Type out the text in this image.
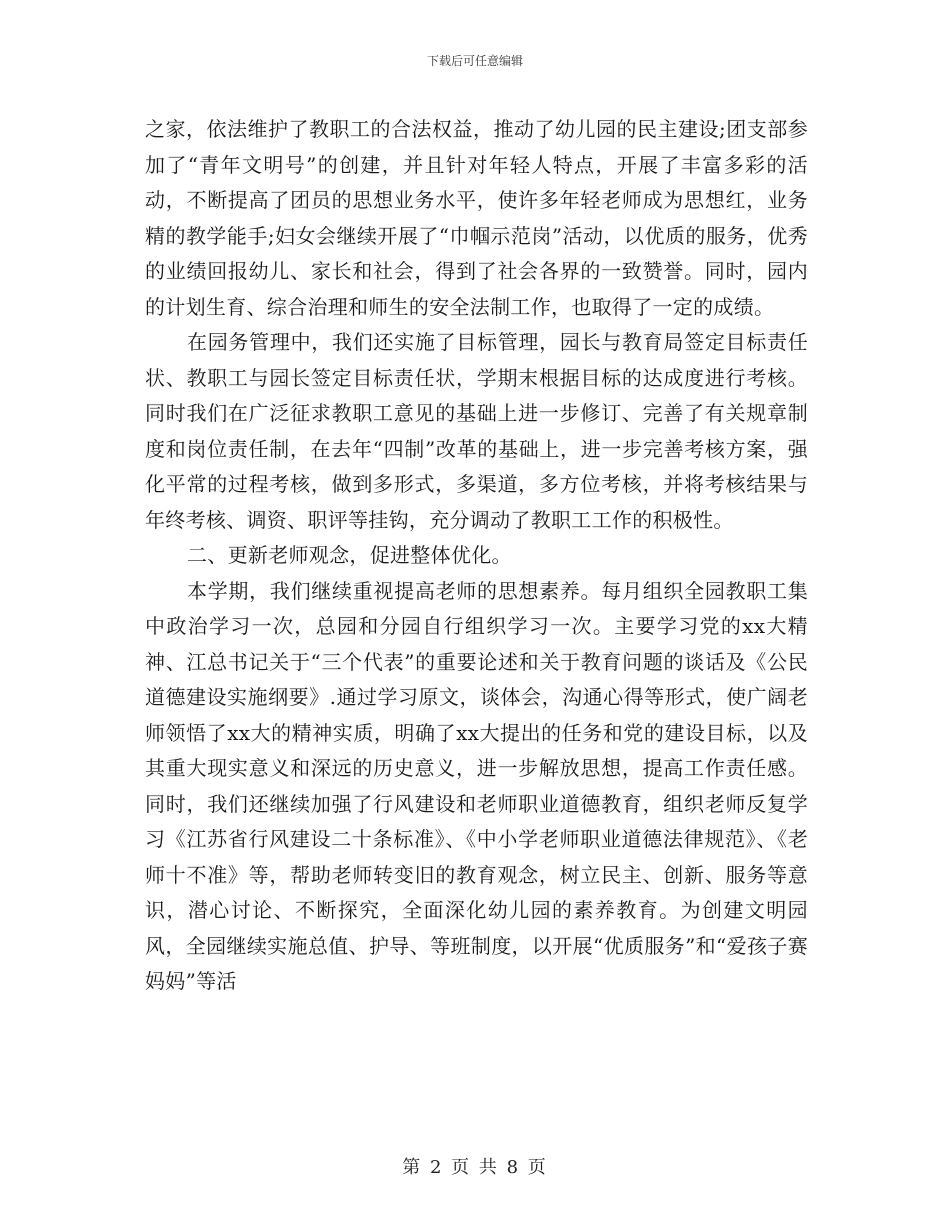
下载后可任意编辑

之家，依法维护了教职工的合法权益，推动了幼儿园的民主建设;团支部参加了“青年文明号”的创建，并且针对年轻人特点，开展了丰富多彩的活动，不断提高了团员的思想业务水平，使许多年轻老师成为思想红，业务精的教学能手;妇女会继续开展了“巾帼示范岗”活动，以优质的服务，优秀的业绩回报幼儿、家长和社会，得到了社会各界的一致赞誉。同时，园内的计划生育、综合治理和师生的安全法制工作，也取得了一定的成绩。

在园务管理中，我们还实施了目标管理，园长与教育局签定目标责任状、教职工与园长签定目标责任状，学期末根据目标的达成度进行考核。同时我们在广泛征求教职工意见的基础上进一步修订、完善了有关规章制度和岗位责任制，在去年“四制”改革的基础上，进一步完善考核方案，强化平常的过程考核，做到多形式，多渠道，多方位考核，并将考核结果与年终考核、调资、职评等挂钩，充分调动了教职工工作的积极性。

二、更新老师观念，促进整体优化。

本学期，我们继续重视提高老师的思想素养。每月组织全园教职工集中政治学习一次，总园和分园自行组织学习一次。主要学习党的xx大精神、江总书记关于“三个代表”的重要论述和关于教育问题的谈话及《公民道德建设实施纲要》.通过学习原文，谈体会，沟通心得等形式，使广阔老师领悟了xx大的精神实质，明确了xx大提出的任务和党的建设目标，以及其重大现实意义和深远的历史意义，进一步解放思想，提高工作责任感。同时，我们还继续加强了行风建设和老师职业道德教育，组织老师反复学习《江苏省行风建设二十条标准》、《中小学老师职业道德法律规范》、《老师十不准》等，帮助老师转变旧的教育观念，树立民主、创新、服务等意识，潜心讨论、不断探究，全面深化幼儿园的素养教育。为创建文明园风，全园继续实施总值、护导、等班制度，以开展“优质服务”和“爱孩子赛妈妈”等活

第 2 页 共 8 页
